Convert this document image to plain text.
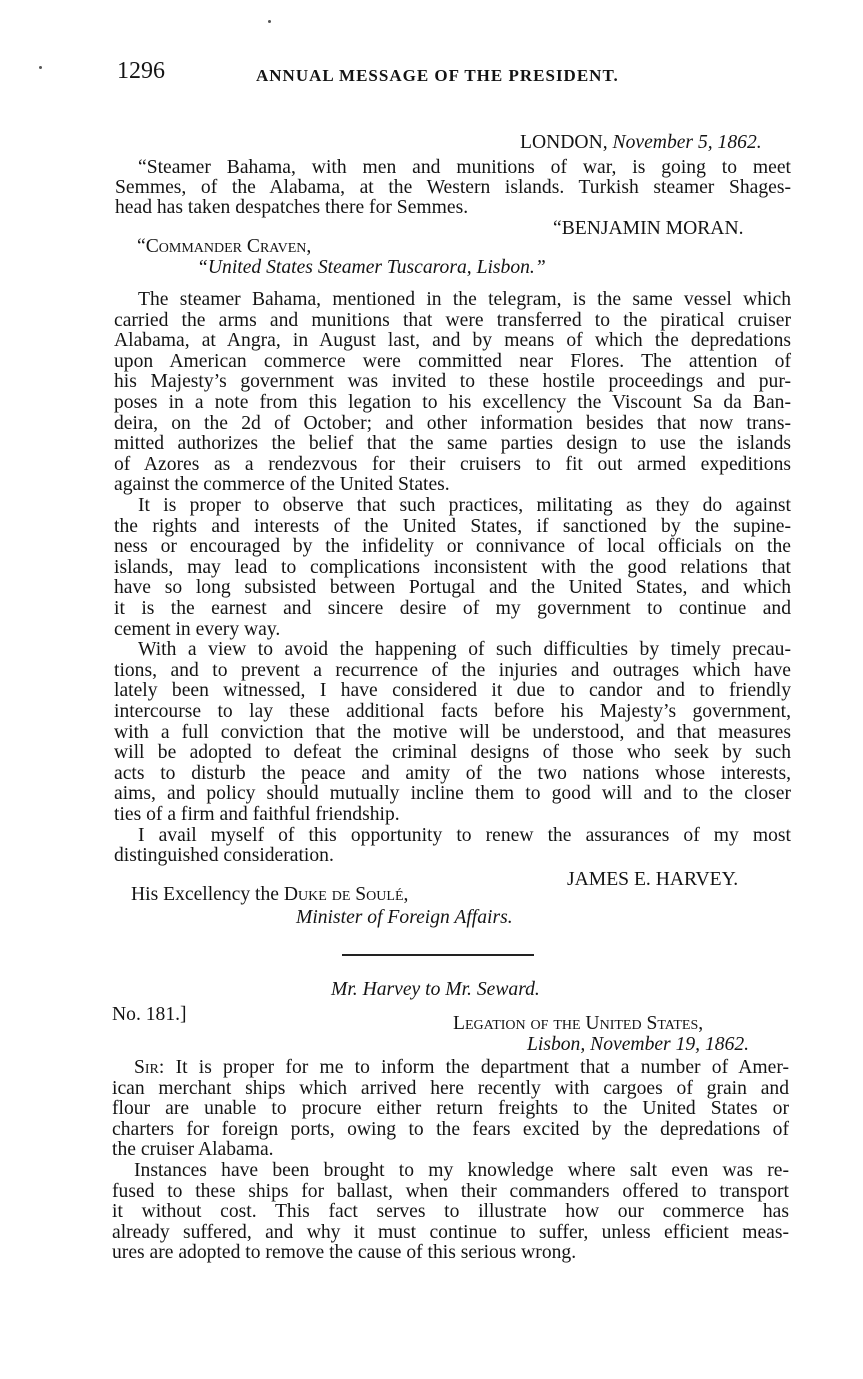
1296	ANNUAL MESSAGE OF THE PRESIDENT.
LONDON, November 5, 1862.
“Steamer Bahama, with men and munitions of war, is going to meet
Semmes, of the Alabama, at the Western islands. Turkish steamer Shages-
head has taken despatches there for Semmes.
“BENJAMIN MORAN.
“Commander Craven,
“United States Steamer Tuscarora, Lisbon.”
The steamer Bahama, mentioned in the telegram, is the same vessel which
carried the arms and munitions that were transferred to the piratical cruiser
Alabama, at Angra, in August last, and by means of which the depredations
upon American commerce were committed near Flores. The attention of
his Majesty’s government was invited to these hostile proceedings and pur-
poses in a note from this legation to his excellency the Viscount Sa da Ban-
deira, on the 2d of October; and other information besides that now trans-
mitted authorizes the belief that the same parties design to use the islands
of Azores as a rendezvous for their cruisers to fit out armed expeditions
against the commerce of the United States.
It is proper to observe that such practices, militating as they do against
the rights and interests of the United States, if sanctioned by the supine-
ness or encouraged by the infidelity or connivance of local officials on the
islands, may lead to complications inconsistent with the good relations that
have so long subsisted between Portugal and the United States, and which
it is the earnest and sincere desire of my government to continue and
cement in every way.
With a view to avoid the happening of such difficulties by timely precau-
tions, and to prevent a recurrence of the injuries and outrages which have
lately been witnessed, I have considered it due to candor and to friendly
intercourse to lay these additional facts before his Majesty’s government,
with a full conviction that the motive will be understood, and that measures
will be adopted to defeat the criminal designs of those who seek by such
acts to disturb the peace and amity of the two nations whose interests,
aims, and policy should mutually incline them to good will and to the closer
ties of a firm and faithful friendship.
I avail myself of this opportunity to renew the assurances of my most
distinguished consideration.
JAMES E. HARVEY.
His Excellency the Duke de Soulé,
Minister of Foreign Affairs.
Mr. Harvey to Mr. Seward.
No. 181.]	Legation of the United States,
Lisbon, November 19, 1862.
Sir: It is proper for me to inform the department that a number of Amer-
ican merchant ships which arrived here recently with cargoes of grain and
flour are unable to procure either return freights to the United States or
charters for foreign ports, owing to the fears excited by the depredations of
the cruiser Alabama.
Instances have been brought to my knowledge where salt even was re-
fused to these ships for ballast, when their commanders offered to transport
it without cost. This fact serves to illustrate how our commerce has
already suffered, and why it must continue to suffer, unless efficient meas-
ures are adopted to remove the cause of this serious wrong.
